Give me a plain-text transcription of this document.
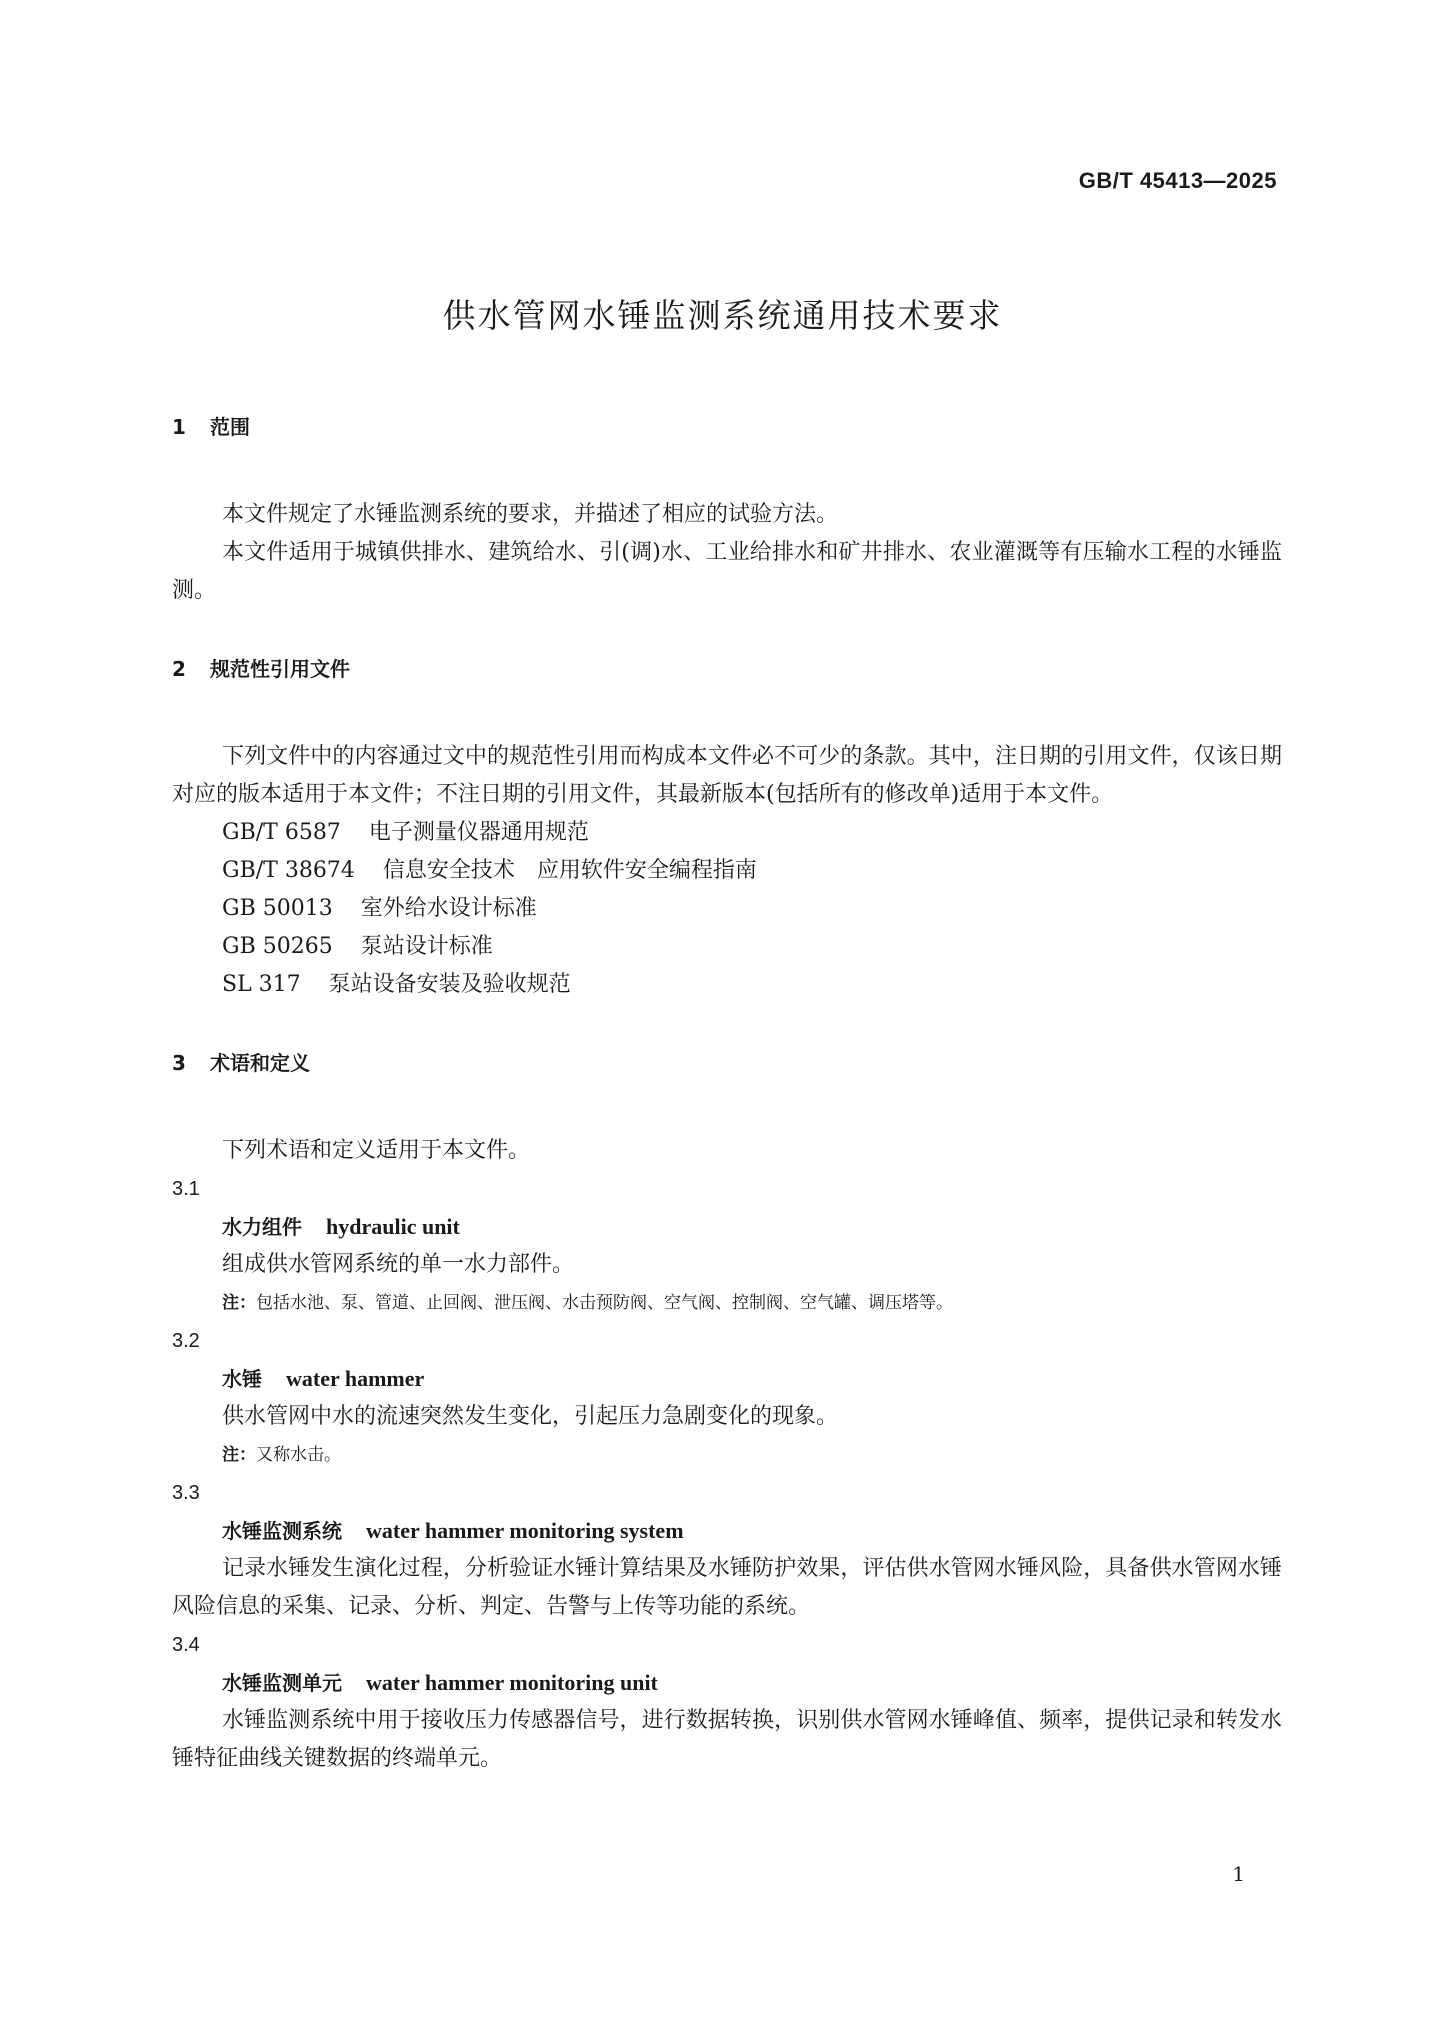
GB/T 45413—2025
供水管网水锤监测系统通用技术要求
1 范围

本文件规定了水锤监测系统的要求，并描述了相应的试验方法。

本文件适用于城镇供排水、建筑给水、引(调)水、工业给排水和矿井排水、农业灌溉等有压输水工程的水锤监测。

2 规范性引用文件

下列文件中的内容通过文中的规范性引用而构成本文件必不可少的条款。其中，注日期的引用文件，仅该日期对应的版本适用于本文件；不注日期的引用文件，其最新版本(包括所有的修改单)适用于本文件。

GB/T 6587 电子测量仪器通用规范
GB/T 38674 信息安全技术　应用软件安全编程指南
GB 50013 室外给水设计标准
GB 50265 泵站设计标准
SL 317 泵站设备安装及验收规范
3 术语和定义

下列术语和定义适用于本文件。

3.1
水力组件 hydraulic unit

组成供水管网系统的单一水力部件。

注：包括水池、泵、管道、止回阀、泄压阀、水击预防阀、空气阀、控制阀、空气罐、调压塔等。
3.2
水锤 water hammer

供水管网中水的流速突然发生变化，引起压力急剧变化的现象。

注：又称水击。
3.3
水锤监测系统 water hammer monitoring system

记录水锤发生演化过程，分析验证水锤计算结果及水锤防护效果，评估供水管网水锤风险，具备供水管网水锤风险信息的采集、记录、分析、判定、告警与上传等功能的系统。

3.4
水锤监测单元 water hammer monitoring unit

水锤监测系统中用于接收压力传感器信号，进行数据转换，识别供水管网水锤峰值、频率，提供记录和转发水锤特征曲线关键数据的终端单元。

1
